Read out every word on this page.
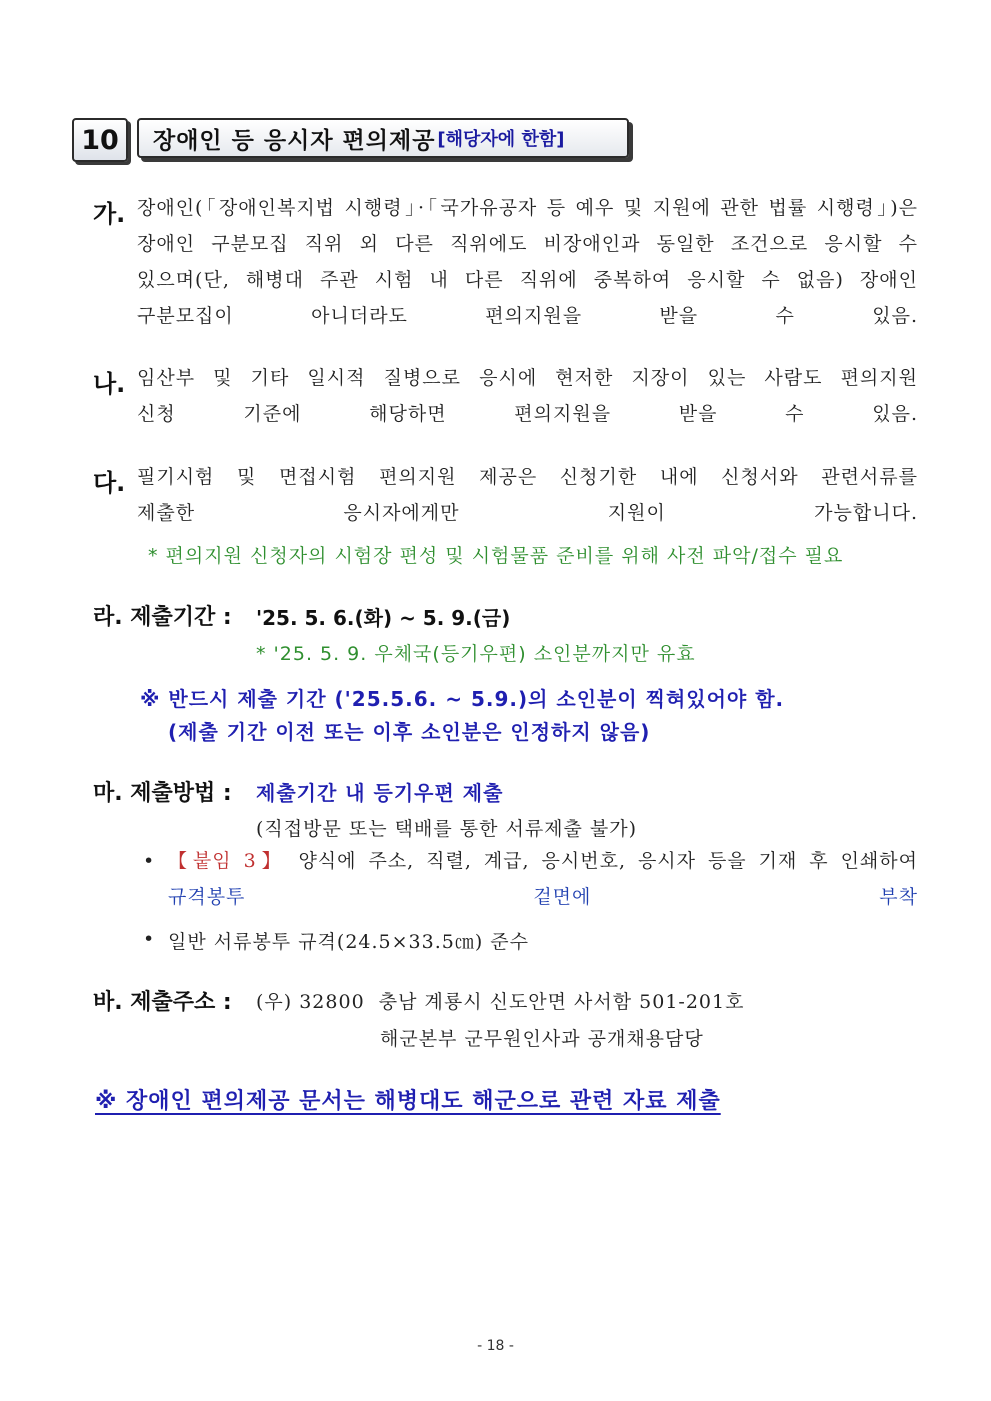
10	장애인 등 응시자 편의제공 [해당자에 한함]
가. 장애인(「장애인복지법 시행령」·「국가유공자 등 예우 및 지원에 관한 법률 시행령」)은
장애인 구분모집 직위 외 다른 직위에도 비장애인과 동일한 조건으로 응시할 수
있으며(단, 해병대 주관 시험 내 다른 직위에 중복하여 응시할 수 없음) 장애인
구분모집이 아니더라도 편의지원을 받을 수 있음.
나. 임산부 및 기타 일시적 질병으로 응시에 현저한 지장이 있는 사람도 편의지원
신청 기준에 해당하면 편의지원을 받을 수 있음.
다. 필기시험 및 면접시험 편의지원 제공은 신청기한 내에 신청서와 관련서류를
제출한 응시자에게만 지원이 가능합니다.
* 편의지원 신청자의 시험장 편성 및 시험물품 준비를 위해 사전 파악/접수 필요
라. 제출기간 : '25. 5. 6.(화) ~ 5. 9.(금)
* '25. 5. 9. 우체국(등기우편) 소인분까지만 유효
※ 반드시 제출 기간 ('25.5.6. ~ 5.9.)의 소인분이 찍혀있어야 함.
(제출 기간 이전 또는 이후 소인분은 인정하지 않음)
마. 제출방법 : 제출기간 내 등기우편 제출
(직접방문 또는 택배를 통한 서류제출 불가)
• 【붙임 3】 양식에 주소, 직렬, 계급, 응시번호, 응시자 등을 기재 후 인쇄하여
규격봉투 겉면에 부착
• 일반 서류봉투 규격(24.5×33.5㎝) 준수
바. 제출주소 : (우) 32800  충남 계룡시 신도안면 사서함 501-201호
해군본부 군무원인사과 공개채용담당
※ 장애인 편의제공 문서는 해병대도 해군으로 관련 자료 제출
- 18 -
